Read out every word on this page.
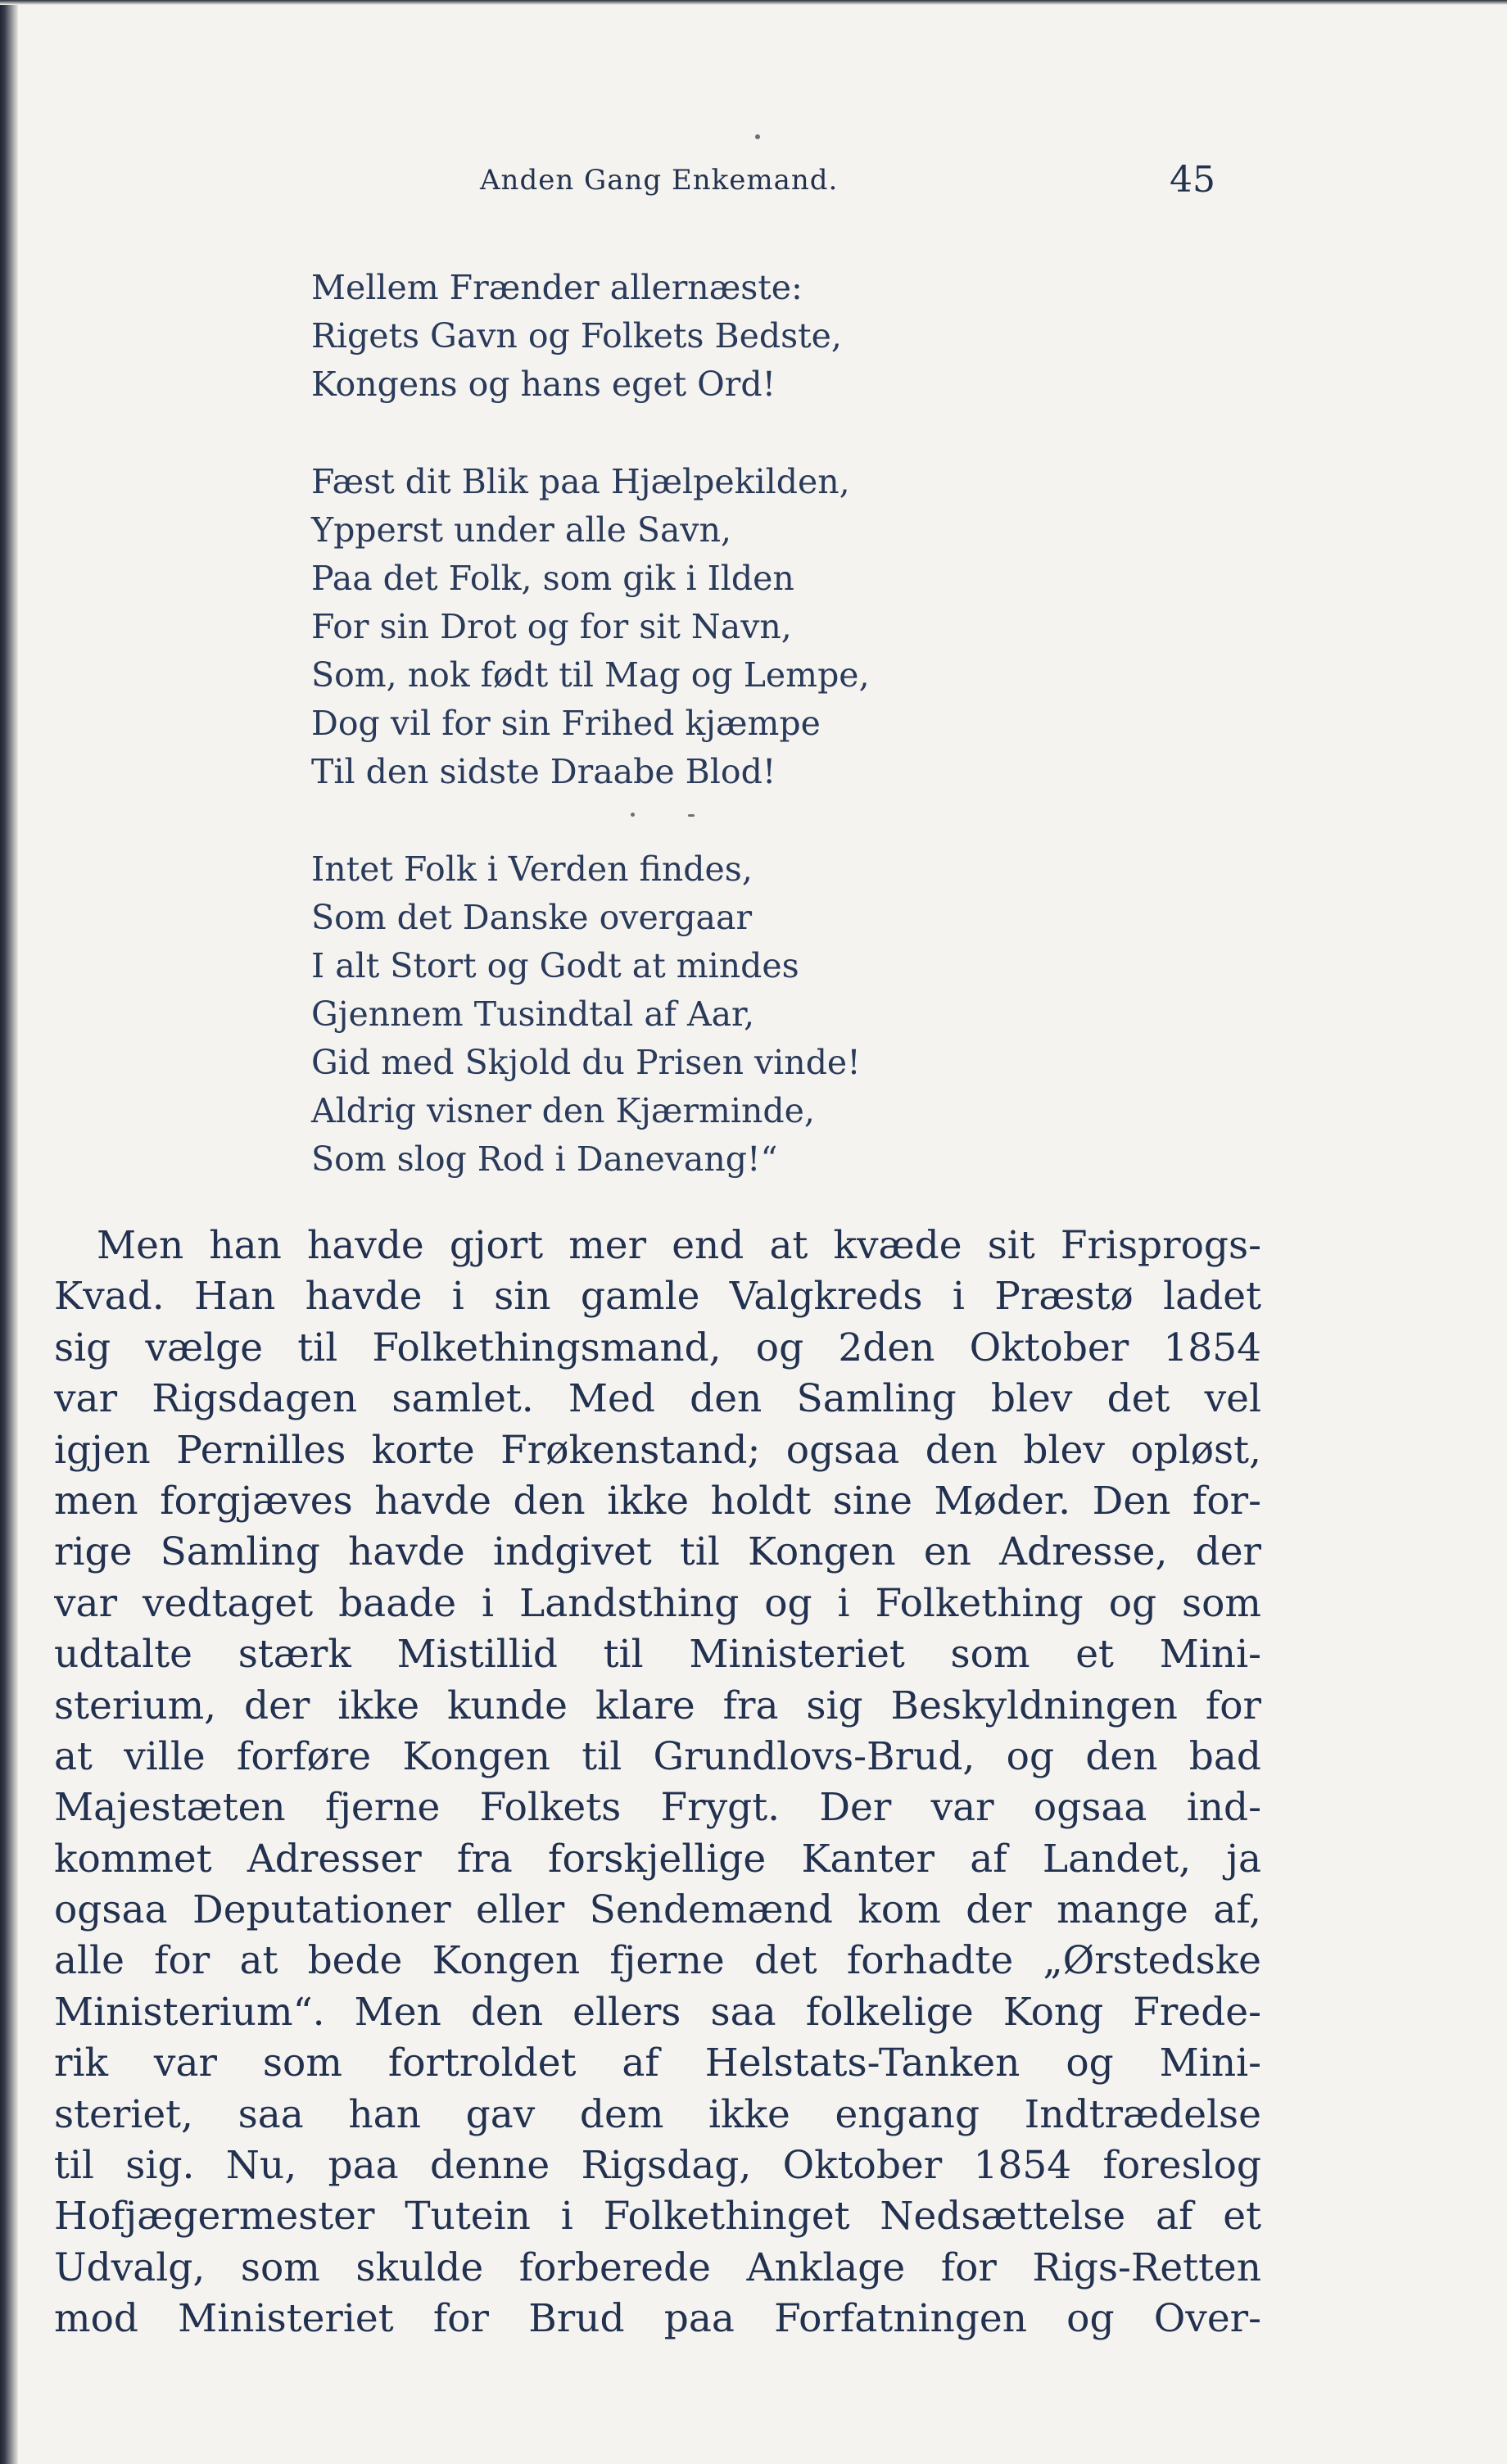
Anden Gang Enkemand.	45
Mellem Frænder allernæste:
Rigets Gavn og Folkets Bedste,
Kongens og hans eget Ord!
Fæst dit Blik paa Hjælpekilden,
Ypperst under alle Savn,
Paa det Folk, som gik i Ilden
For sin Drot og for sit Navn,
Som, nok født til Mag og Lempe,
Dog vil for sin Frihed kjæmpe
Til den sidste Draabe Blod!
Intet Folk i Verden findes,
Som det Danske overgaar
I alt Stort og Godt at mindes
Gjennem Tusindtal af Aar,
Gid med Skjold du Prisen vinde!
Aldrig visner den Kjærminde,
Som slog Rod i Danevang!“
Men han havde gjort mer end at kvæde sit Frisprogs-
Kvad. Han havde i sin gamle Valgkreds i Præstø ladet
sig vælge til Folkethingsmand, og 2den Oktober 1854
var Rigsdagen samlet. Med den Samling blev det vel
igjen Pernilles korte Frøkenstand; ogsaa den blev opløst,
men forgjæves havde den ikke holdt sine Møder. Den for-
rige Samling havde indgivet til Kongen en Adresse, der
var vedtaget baade i Landsthing og i Folkething og som
udtalte stærk Mistillid til Ministeriet som et Mini-
sterium, der ikke kunde klare fra sig Beskyldningen for
at ville forføre Kongen til Grundlovs-Brud, og den bad
Majestæten fjerne Folkets Frygt. Der var ogsaa ind-
kommet Adresser fra forskjellige Kanter af Landet, ja
ogsaa Deputationer eller Sendemænd kom der mange af,
alle for at bede Kongen fjerne det forhadte „Ørstedske
Ministerium“. Men den ellers saa folkelige Kong Frede-
rik var som fortroldet af Helstats-Tanken og Mini-
steriet, saa han gav dem ikke engang Indtrædelse
til sig. Nu, paa denne Rigsdag, Oktober 1854 foreslog
Hofjægermester Tutein i Folkethinget Nedsættelse af et
Udvalg, som skulde forberede Anklage for Rigs-Retten
mod Ministeriet for Brud paa Forfatningen og Over-
